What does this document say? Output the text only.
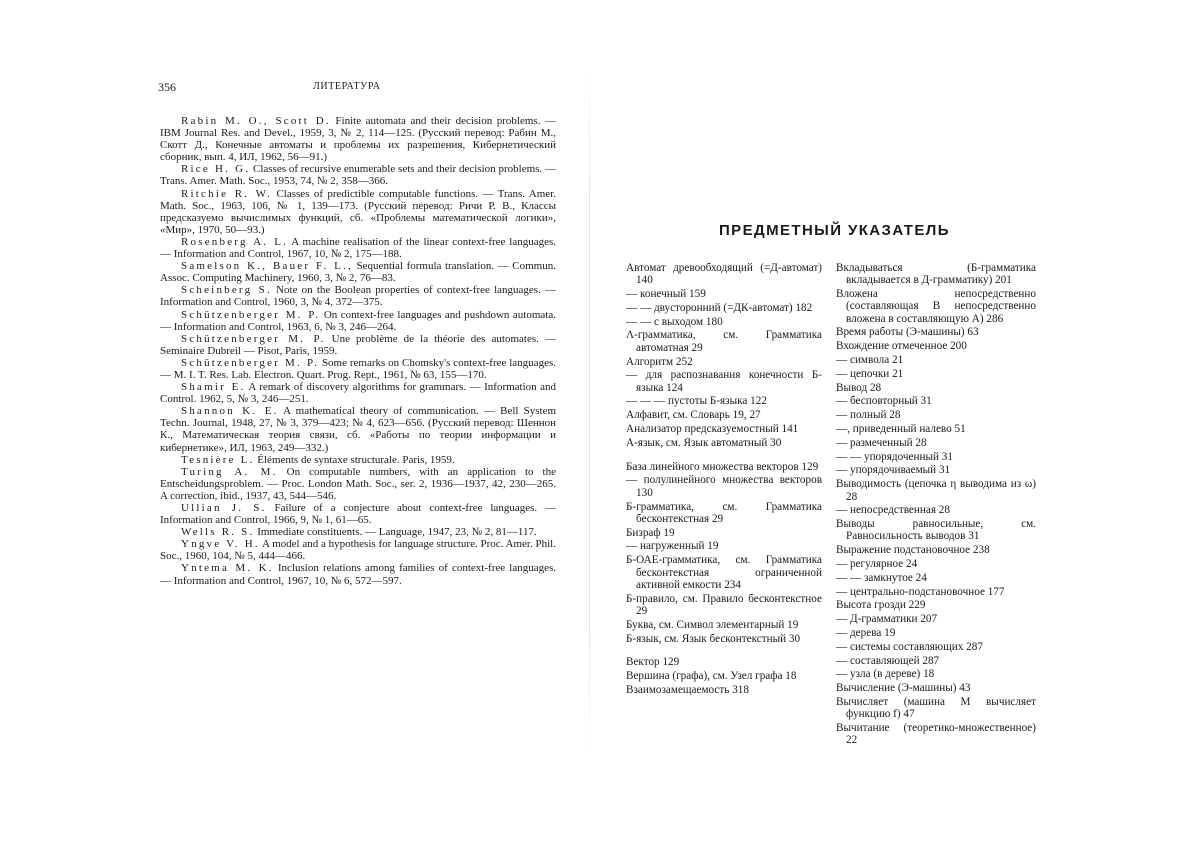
356	ЛИТЕРАТУРА

Rabin M. O., Scott D. Finite automata and their decision problems. — IBM Journal Res. and Devel., 1959, 3, № 2, 114—125. (Русский перевод: Рабин М., Скотт Д., Конечные автоматы и проблемы их разрешения, Кибернетический сборник, вып. 4, ИЛ, 1962, 56—91.)

Rice H. G. Classes of recursive enumerable sets and their decision problems. — Trans. Amer. Math. Soc., 1953, 74, № 2, 358—366.

Ritchie R. W. Classes of predictible computable functions. — Trans. Amer. Math. Soc., 1963, 106, № 1, 139—173. (Русский перевод: Ричи Р. В., Классы предсказуемо вычислимых функций, сб. «Проблемы математической логики», «Мир», 1970, 50—93.)

Rosenberg A. L. A machine realisation of the linear context-free languages. — Information and Control, 1967, 10, № 2, 175—188.

Samelson K., Bauer F. L., Sequential formula translation. — Commun. Assoc. Computing Machinery, 1960, 3, № 2, 76—83.

Scheinberg S. Note on the Boolean properties of context-free languages. — Information and Control, 1960, 3, № 4, 372—375.

Schützenberger M. P. On context-free languages and pushdown automata. — Information and Control, 1963, 6, № 3, 246—264.

Schützenberger M. P. Une problème de la théorie des automates. — Seminaire Dubreil — Pisot, Paris, 1959.

Schützenberger M. P. Some remarks on Chomsky's context-free languages. — M. I. T. Res. Lab. Electron. Quart. Prog. Rept., 1961, № 63, 155—170.

Shamir E. A remark of discovery algorithms for grammars. — Information and Control. 1962, 5, № 3, 246—251.

Shannon K. E. A mathematical theory of communication. — Bell System Techn. Journal, 1948, 27, № 3, 379—423; № 4, 623—656. (Русский перевод: Шеннон К., Математическая теория связи, сб. «Работы по теории информации и кибернетике», ИЛ, 1963, 249—332.)

Tesnière L. Éléments de syntaxe structurale. Paris, 1959.

Turing A. M. On computable numbers, with an application to the Entscheidungsproblem. — Proc. London Math. Soc., ser. 2, 1936—1937, 42, 230—265. A correction, ibid., 1937, 43, 544—546.

Ullian J. S. Failure of a conjecture about context-free languages. — Information and Control, 1966, 9, № 1, 61—65.

Wells R. S. Immediate constituents. — Language, 1947, 23, № 2, 81—117.

Yngve V. H. A model and a hypothesis for language structure. Proc. Amer. Phil. Soc., 1960, 104, № 5, 444—466.

Yntema M. K. Inclusion relations among families of context-free languages. — Information and Control, 1967, 10, № 6, 572—597.

ПРЕДМЕТНЫЙ УКАЗАТЕЛЬ

Автомат древообходящий (=Д-автомат) 140

— конечный 159

— — двусторонний (=ДК-автомат) 182

— — с выходом 180

Λ-грамматика, см. Грамматика автоматная 29

Алгоритм 252

— для распознавания конечности Б-языка 124

— — — пустоты Б-языка 122

Алфавит, см. Словарь 19, 27

Анализатор предсказуемостный 141

А-язык, см. Язык автоматный 30

База линейного множества векторов 129

— полулинейного множества векторов 130

Б-грамматика, см. Грамматика бесконтекстная 29

Бизраф 19

— нагруженный 19

Б-ОАЕ-грамматика, см. Грамматика бесконтекстная ограниченной активной емкости 234

Б-правило, см. Правило бесконтекстное 29

Буква, см. Символ элементарный 19

Б-язык, см. Язык бесконтекстный 30

Вектор 129

Вершина (графа), см. Узел графа 18

Взаимозамещаемость 318

Вкладываться (Б-грамматика вкладывается в Д-грамматику) 201

Вложена непосредственно (составляющая B непосредственно вложена в составляющую А) 286

Время работы (Э-машины) 63

Вхождение отмеченное 200

— символа 21

— цепочки 21

Вывод 28

— бесповторный 31

— полный 28

—, приведенный налево 51

— размеченный 28

— — упорядоченный 31

— упорядочиваемый 31

Выводимость (цепочка η выводима из ω) 28

— непосредственная 28

Выводы равносильные, см. Равносильность выводов 31

Выражение подстановочное 238

— регулярное 24

— — замкнутое 24

— центрально-подстановочное 177

Высота грозди 229

— Д-грамматики 207

— дерева 19

— системы составляющих 287

— составляющей 287

— узла (в дереве) 18

Вычисление (Э-машины) 43

Вычисляет (машина M вычисляет функцию f) 47

Вычитание (теоретико-множественное) 22
